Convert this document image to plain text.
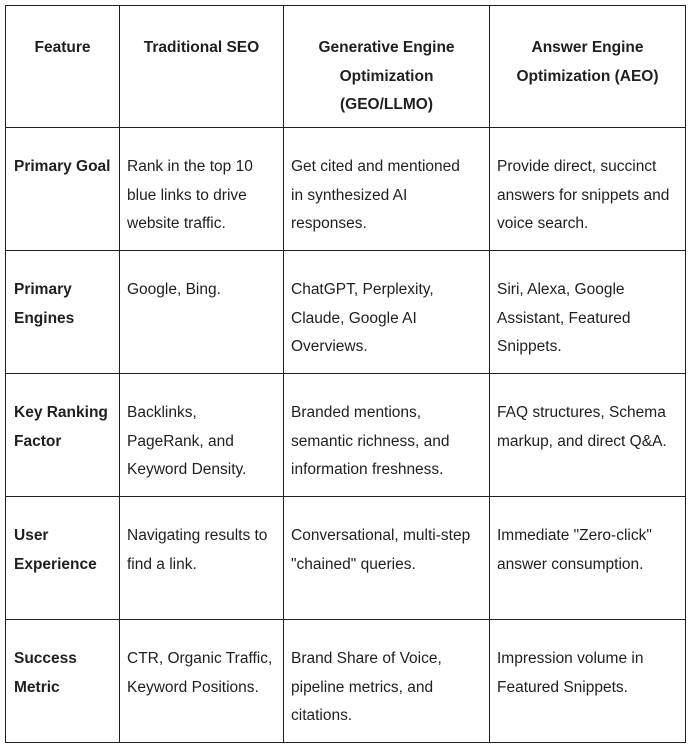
Feature	Traditional SEO	Generative Engine Optimization (GEO/LLMO)	Answer Engine Optimization (AEO)
Primary Goal	Rank in the top 10 blue links to drive website traffic.	Get cited and mentioned in synthesized AI responses.	Provide direct, succinct answers for snippets and voice search.
Primary Engines	Google, Bing.	ChatGPT, Perplexity, Claude, Google AI Overviews.	Siri, Alexa, Google Assistant, Featured Snippets.
Key Ranking Factor	Backlinks, PageRank, and Keyword Density.	Branded mentions, semantic richness, and information freshness.	FAQ structures, Schema markup, and direct Q&A.
User Experience	Navigating results to find a link.	Conversational, multi-step "chained" queries.	Immediate "Zero-click" answer consumption.
Success Metric	CTR, Organic Traffic, Keyword Positions.	Brand Share of Voice, pipeline metrics, and citations.	Impression volume in Featured Snippets.
